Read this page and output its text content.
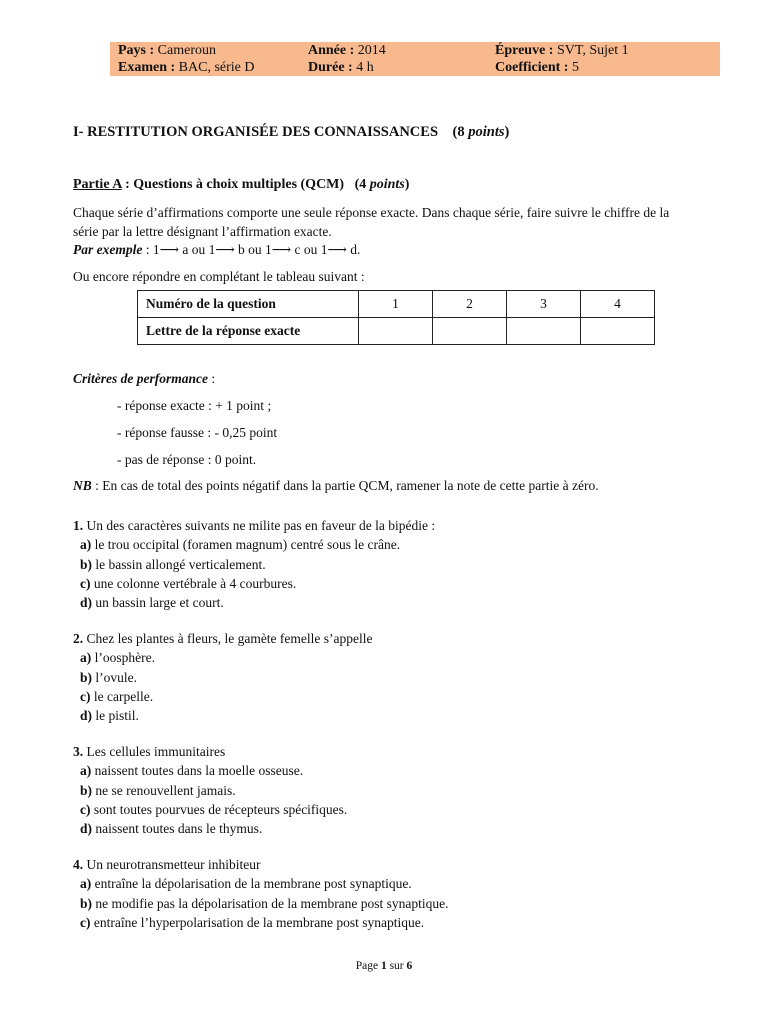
Pays : Cameroun	Année : 2014	Épreuve : SVT, Sujet 1
Examen : BAC, série D	Durée : 4 h	Coefficient : 5
I- RESTITUTION ORGANISÉE DES CONNAISSANCES (8 points)
Partie A : Questions à choix multiples (QCM) (4 points)
Chaque série d’affirmations comporte une seule réponse exacte. Dans chaque série, faire suivre le chiffre de la série par la lettre désignant l’affirmation exacte.
Par exemple : 1⟶ a ou 1⟶ b ou 1⟶ c ou 1⟶ d.
Ou encore répondre en complétant le tableau suivant :
Numéro de la question	1	2	3	4
Lettre de la réponse exacte				
Critères de performance :
- réponse exacte : + 1 point ;
- réponse fausse : - 0,25 point
- pas de réponse : 0 point.
NB : En cas de total des points négatif dans la partie QCM, ramener la note de cette partie à zéro.
1. Un des caractères suivants ne milite pas en faveur de la bipédie :
a) le trou occipital (foramen magnum) centré sous le crâne.
b) le bassin allongé verticalement.
c) une colonne vertébrale à 4 courbures.
d) un bassin large et court.
2. Chez les plantes à fleurs, le gamète femelle s’appelle
a) l’oosphère.
b) l’ovule.
c) le carpelle.
d) le pistil.
3. Les cellules immunitaires
a) naissent toutes dans la moelle osseuse.
b) ne se renouvellent jamais.
c) sont toutes pourvues de récepteurs spécifiques.
d) naissent toutes dans le thymus.
4. Un neurotransmetteur inhibiteur
a) entraîne la dépolarisation de la membrane post synaptique.
b) ne modifie pas la dépolarisation de la membrane post synaptique.
c) entraîne l’hyperpolarisation de la membrane post synaptique.
Page 1 sur 6
